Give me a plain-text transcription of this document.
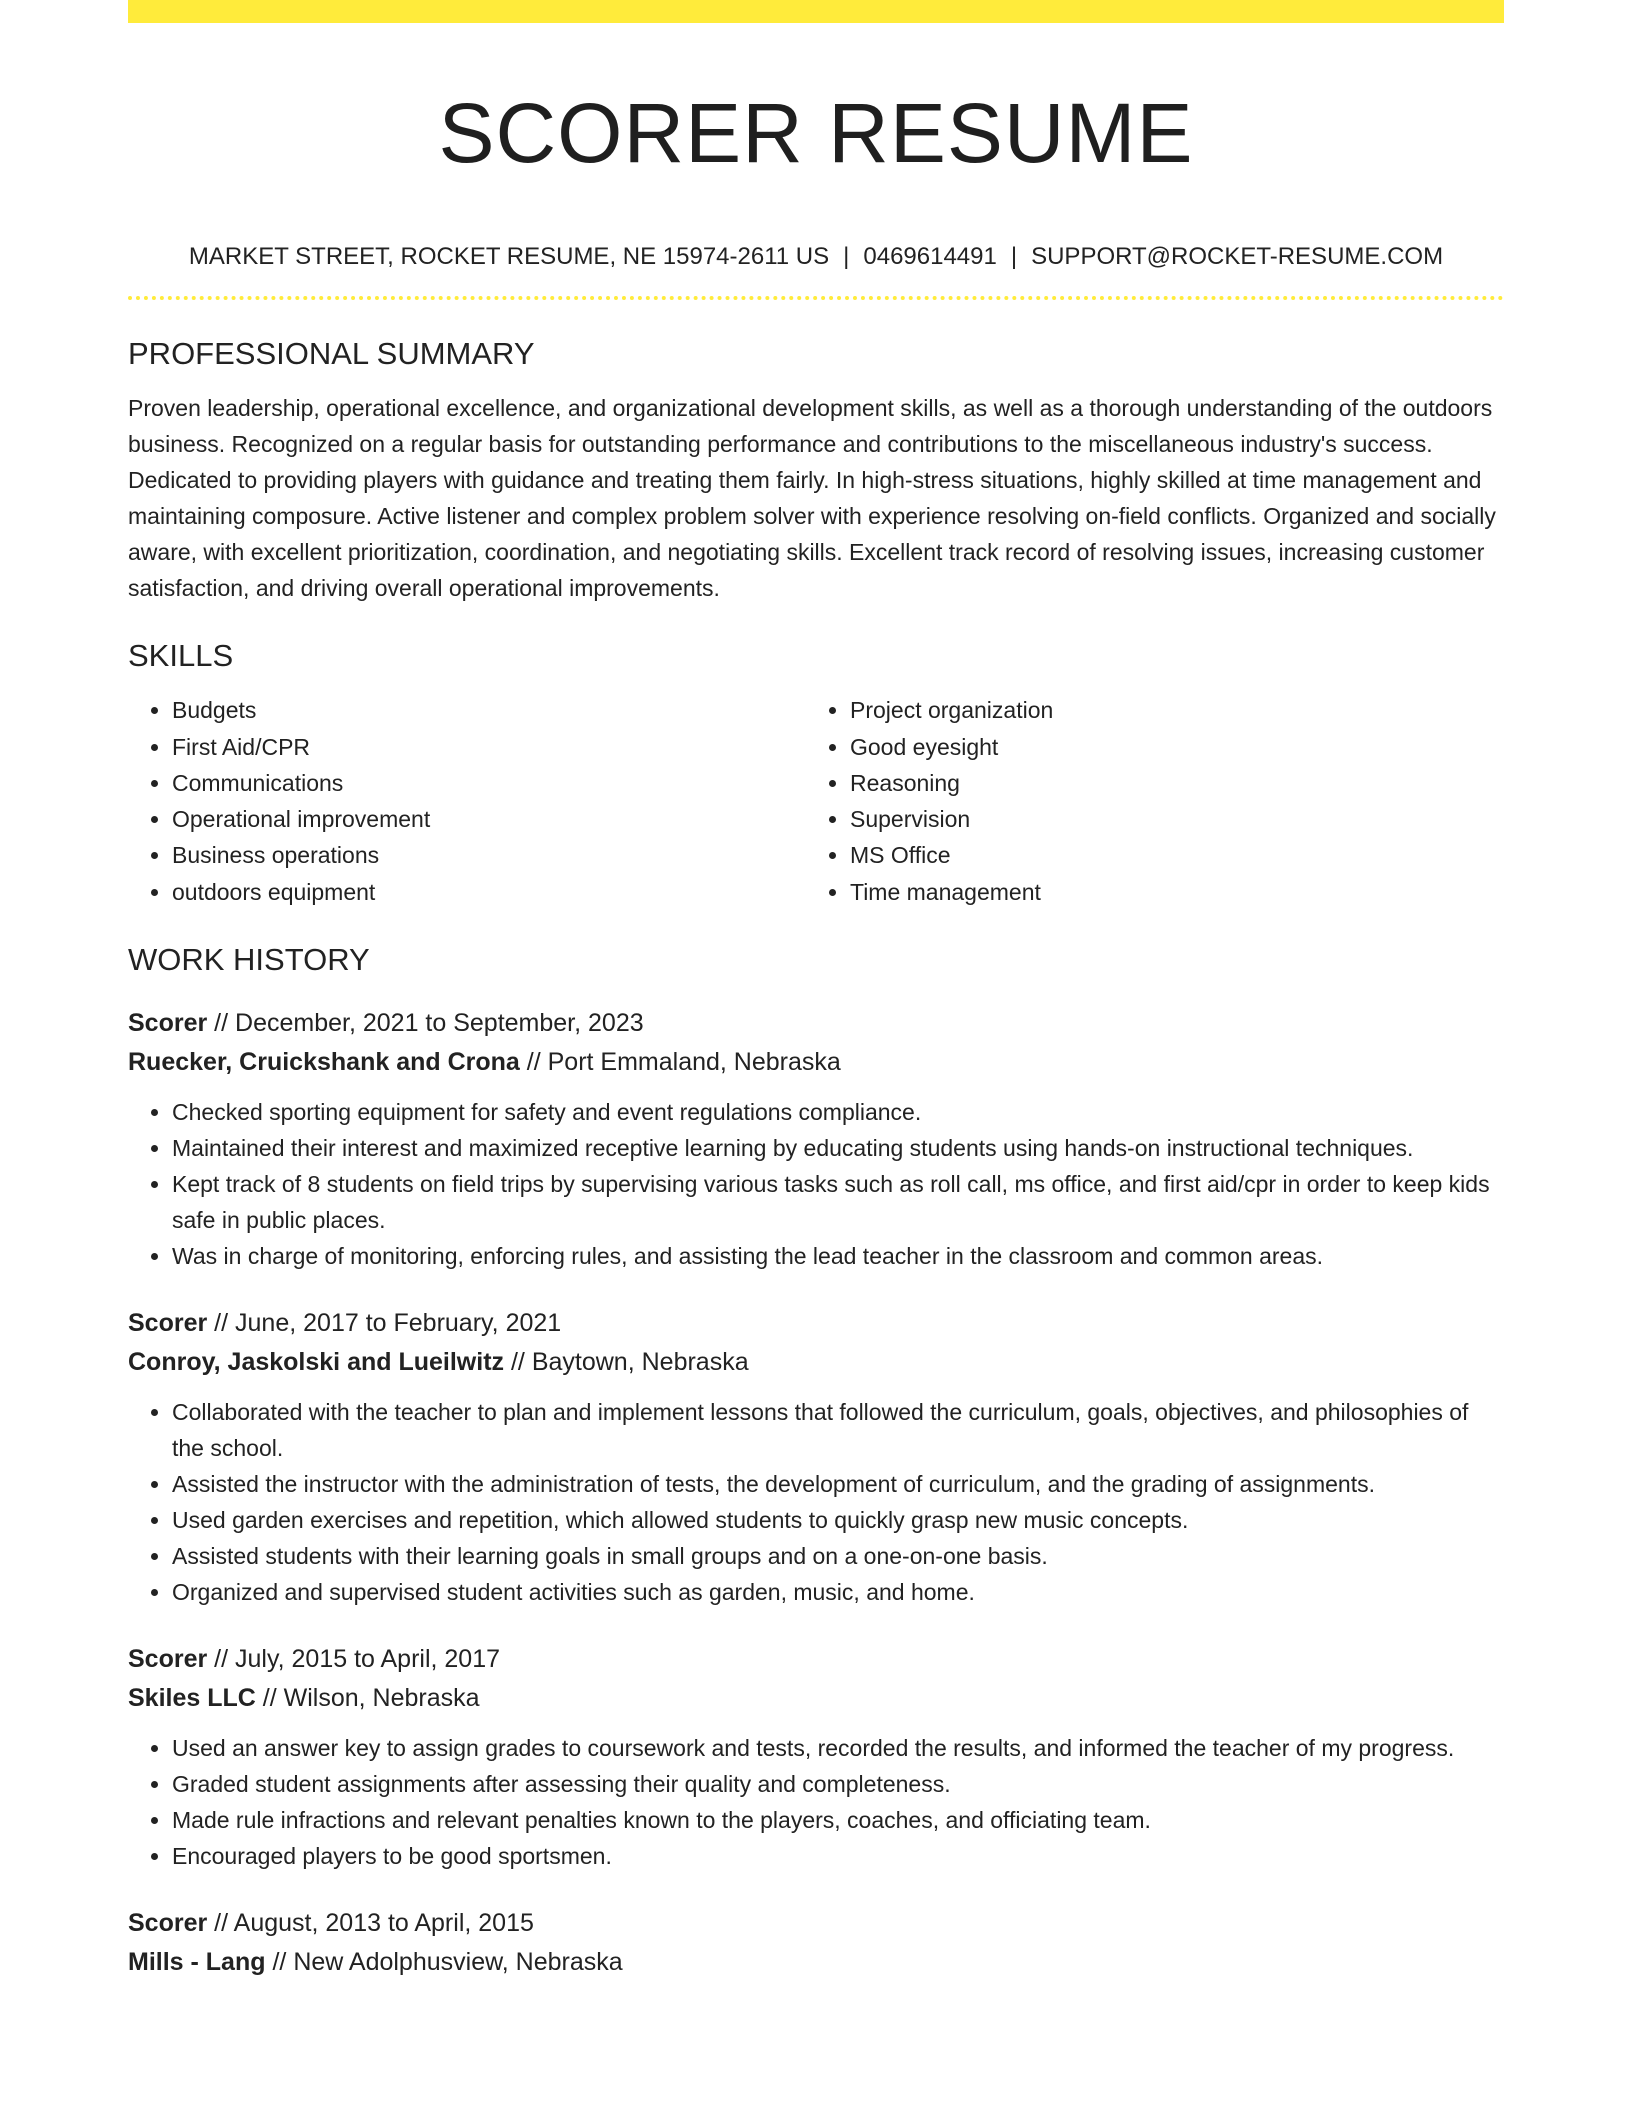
SCORER RESUME
MARKET STREET, ROCKET RESUME, NE 15974-2611 US | 0469614491 | SUPPORT@ROCKET-RESUME.COM
PROFESSIONAL SUMMARY

Proven leadership, operational excellence, and organizational development skills, as well as a thorough understanding of the outdoors business. Recognized on a regular basis for outstanding performance and contributions to the miscellaneous industry's success. Dedicated to providing players with guidance and treating them fairly. In high-stress situations, highly skilled at time management and maintaining composure. Active listener and complex problem solver with experience resolving on-field conflicts. Organized and socially aware, with excellent prioritization, coordination, and negotiating skills. Excellent track record of resolving issues, increasing customer satisfaction, and driving overall operational improvements.

SKILLS
• Budgets
• First Aid/CPR
• Communications
• Operational improvement
• Business operations
• outdoors equipment
• Project organization
• Good eyesight
• Reasoning
• Supervision
• MS Office
• Time management
WORK HISTORY
Scorer // December, 2021 to September, 2023
Ruecker, Cruickshank and Crona // Port Emmaland, Nebraska
• Checked sporting equipment for safety and event regulations compliance.
• Maintained their interest and maximized receptive learning by educating students using hands-on instructional techniques.
• Kept track of 8 students on field trips by supervising various tasks such as roll call, ms office, and first aid/cpr in order to keep kids safe in public places.
• Was in charge of monitoring, enforcing rules, and assisting the lead teacher in the classroom and common areas.
Scorer // June, 2017 to February, 2021
Conroy, Jaskolski and Lueilwitz // Baytown, Nebraska
• Collaborated with the teacher to plan and implement lessons that followed the curriculum, goals, objectives, and philosophies of the school.
• Assisted the instructor with the administration of tests, the development of curriculum, and the grading of assignments.
• Used garden exercises and repetition, which allowed students to quickly grasp new music concepts.
• Assisted students with their learning goals in small groups and on a one-on-one basis.
• Organized and supervised student activities such as garden, music, and home.
Scorer // July, 2015 to April, 2017
Skiles LLC // Wilson, Nebraska
• Used an answer key to assign grades to coursework and tests, recorded the results, and informed the teacher of my progress.
• Graded student assignments after assessing their quality and completeness.
• Made rule infractions and relevant penalties known to the players, coaches, and officiating team.
• Encouraged players to be good sportsmen.
Scorer // August, 2013 to April, 2015
Mills - Lang // New Adolphusview, Nebraska
